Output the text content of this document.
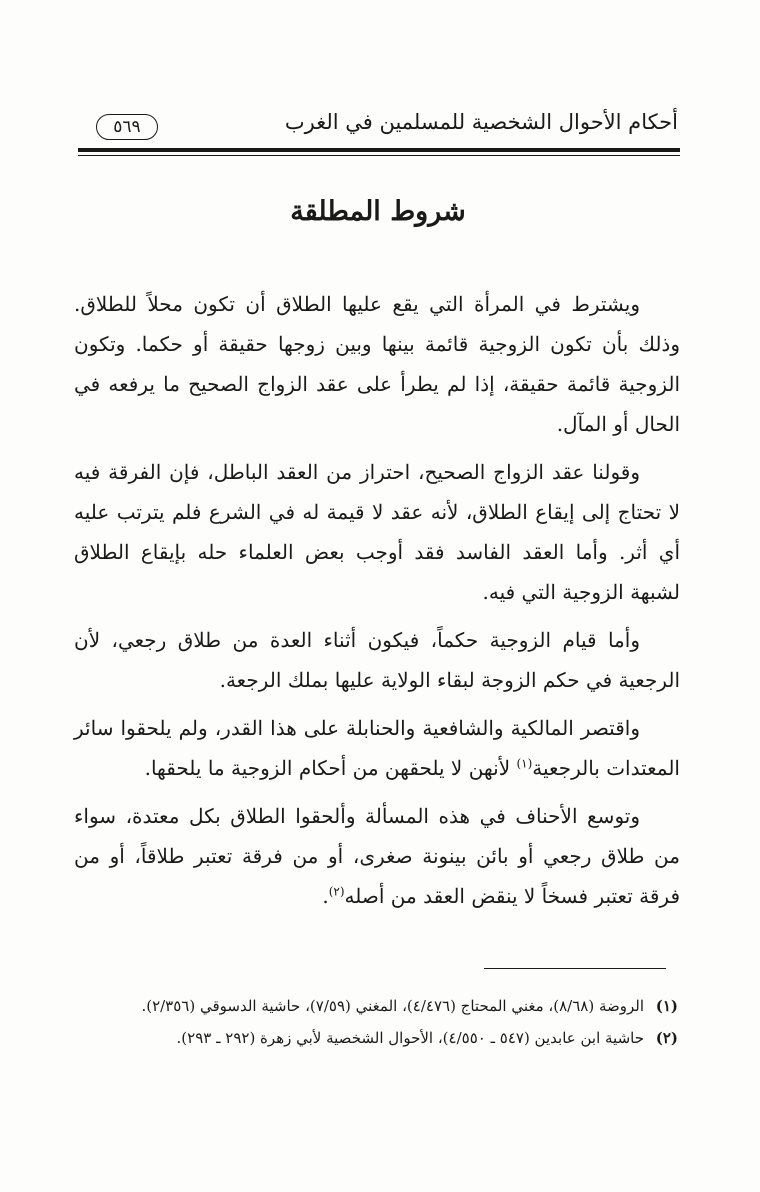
أحكام الأحوال الشخصية للمسلمين في الغرب
٥٦٩
شروط المطلقة

ويشترط في المرأة التي يقع عليها الطلاق أن تكون محلاً للطلاق. وذلك بأن تكون الزوجية قائمة بينها وبين زوجها حقيقة أو حكما. وتكون الزوجية قائمة حقيقة، إذا لم يطرأ على عقد الزواج الصحيح ما يرفعه في الحال أو المآل.

وقولنا عقد الزواج الصحيح، احتراز من العقد الباطل، فإن الفرقة فيه لا تحتاج إلى إيقاع الطلاق، لأنه عقد لا قيمة له في الشرع فلم يترتب عليه أي أثر. وأما العقد الفاسد فقد أوجب بعض العلماء حله بإيقاع الطلاق لشبهة الزوجية التي فيه.

وأما قيام الزوجية حكماً، فيكون أثناء العدة من طلاق رجعي، لأن الرجعية في حكم الزوجة لبقاء الولاية عليها بملك الرجعة.

واقتصر المالكية والشافعية والحنابلة على هذا القدر، ولم يلحقوا سائر المعتدات بالرجعية$^{(١)}$ لأنهن لا يلحقهن من أحكام الزوجية ما يلحقها.

وتوسع الأحناف في هذه المسألة وألحقوا الطلاق بكل معتدة، سواء من طلاق رجعي أو بائن بينونة صغرى، أو من فرقة تعتبر طلاقاً، أو من فرقة تعتبر فسخاً لا ينقض العقد من أصله$^{(٢)}$.

(١)
الروضة (٨/٦٨)، مغني المحتاج (٤/٤٧٦)، المغني (٧/٥٩)، حاشية الدسوقي (٢/٣٥٦).
(٢)
حاشية ابن عابدين (٥٤٧ ـ ٤/٥٥٠)، الأحوال الشخصية لأبي زهرة (٢٩٢ ـ ٢٩٣).
